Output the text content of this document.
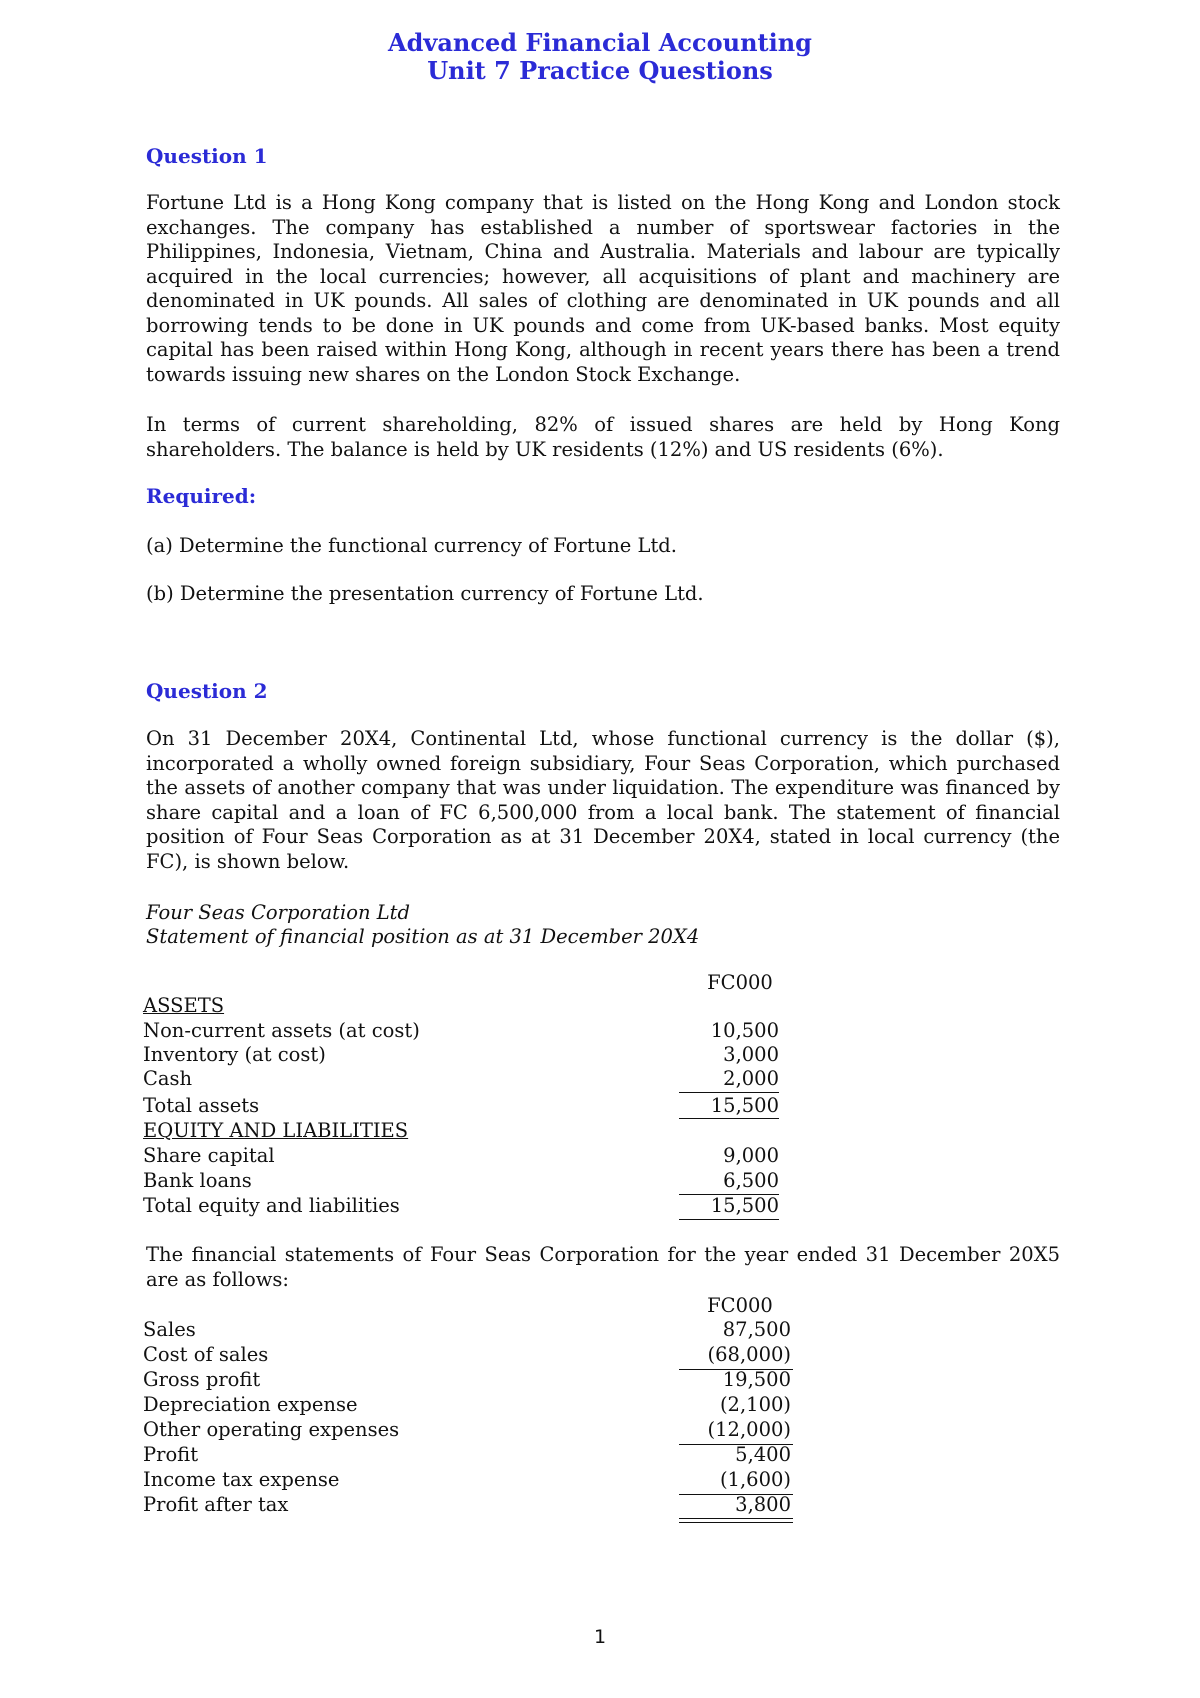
Advanced Financial Accounting
Unit 7 Practice Questions
Question 1

Fortune Ltd is a Hong Kong company that is listed on the Hong Kong and London stock exchanges. The company has established a number of sportswear factories in the Philippines, Indonesia, Vietnam, China and Australia. Materials and labour are typically acquired in the local currencies; however, all acquisitions of plant and machinery are denominated in UK pounds. All sales of clothing are denominated in UK pounds and all borrowing tends to be done in UK pounds and come from UK-based banks. Most equity capital has been raised within Hong Kong, although in recent years there has been a trend towards issuing new shares on the London Stock Exchange.

In terms of current shareholding, 82% of issued shares are held by Hong Kong shareholders. The balance is held by UK residents (12%) and US residents (6%).

Required:
(a) Determine the functional currency of Fortune Ltd.
(b) Determine the presentation currency of Fortune Ltd.
Question 2

On 31 December 20X4, Continental Ltd, whose functional currency is the dollar ($), incorporated a wholly owned foreign subsidiary, Four Seas Corporation, which purchased the assets of another company that was under liquidation. The expenditure was financed by share capital and a loan of FC 6,500,000 from a local bank. The statement of financial position of Four Seas Corporation as at 31 December 20X4, stated in local currency (the FC), is shown below.

Four Seas Corporation Ltd
Statement of financial position as at 31 December 20X4
FC000
ASSETS
Non-current assets (at cost)	10,500
Inventory (at cost)	3,000
Cash	2,000
Total assets	15,500
EQUITY AND LIABILITIES
Share capital	9,000
Bank loans	6,500
Total equity and liabilities	15,500

The financial statements of Four Seas Corporation for the year ended 31 December 20X5 are as follows:

FC000
Sales	87,500
Cost of sales	(68,000)
Gross profit	19,500
Depreciation expense	(2,100)
Other operating expenses	(12,000)
Profit	5,400
Income tax expense	(1,600)
Profit after tax	3,800
1
